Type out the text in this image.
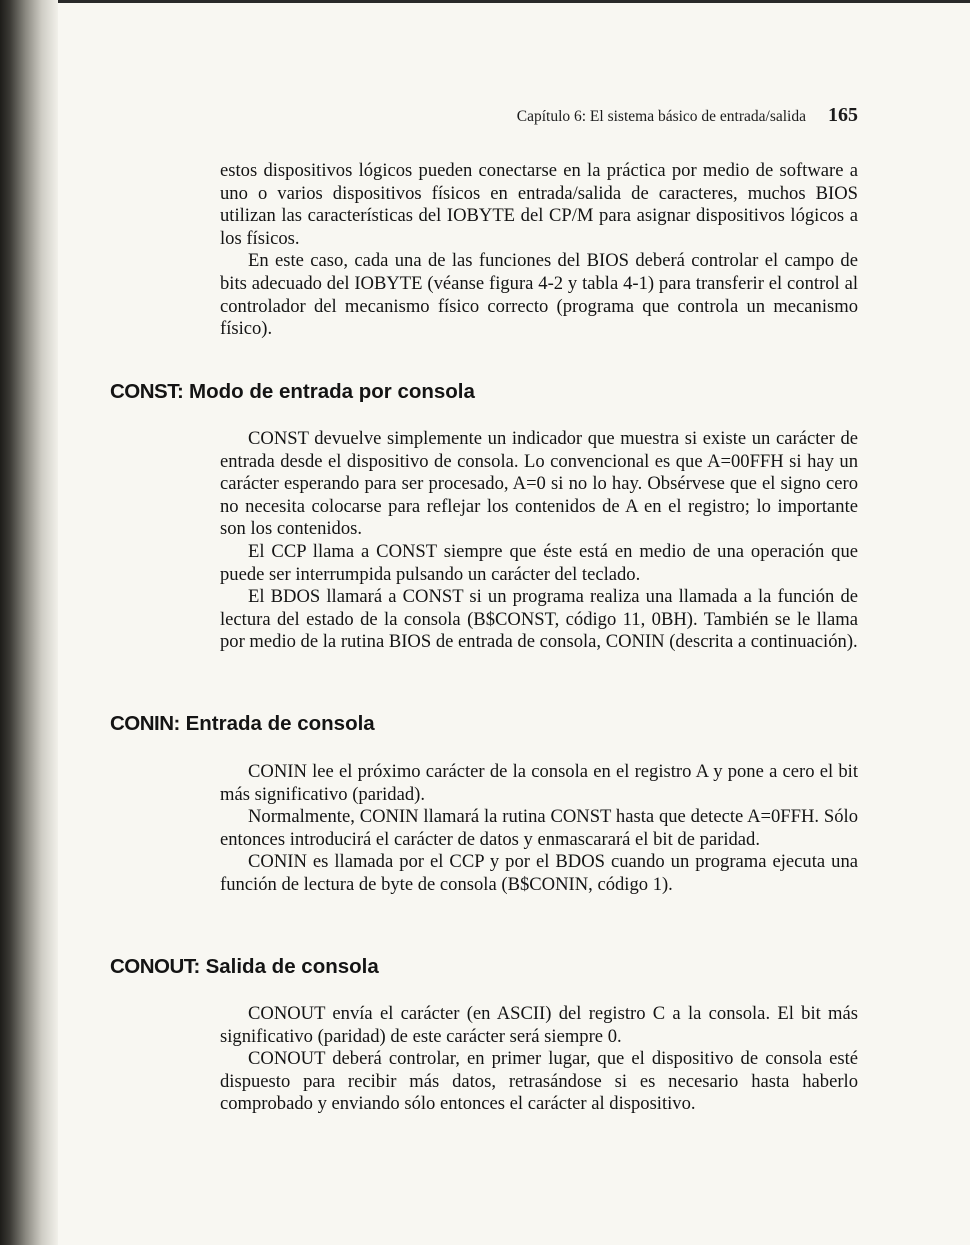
Capítulo 6: El sistema básico de entrada/salida 165

estos dispositivos lógicos pueden conectarse en la práctica por medio de software a uno o varios dispositivos físicos en entrada/salida de caracteres, muchos BIOS utilizan las características del IOBYTE del CP/M para asignar dispositivos lógicos a los físicos.

En este caso, cada una de las funciones del BIOS deberá controlar el campo de bits adecuado del IOBYTE (véanse figura 4-2 y tabla 4-1) para transferir el control al controlador del mecanismo físico correcto (programa que controla un mecanismo físico).

CONST: Modo de entrada por consola

CONST devuelve simplemente un indicador que muestra si existe un carácter de entrada desde el dispositivo de consola. Lo convencional es que A=00FFH si hay un carácter esperando para ser procesado, A=0 si no lo hay. Obsérvese que el signo cero no necesita colocarse para reflejar los contenidos de A en el registro; lo importante son los contenidos.

El CCP llama a CONST siempre que éste está en medio de una operación que puede ser interrumpida pulsando un carácter del teclado.

El BDOS llamará a CONST si un programa realiza una llamada a la función de lectura del estado de la consola (B$CONST, código 11, 0BH). También se le llama por medio de la rutina BIOS de entrada de consola, CONIN (descrita a continuación).

CONIN: Entrada de consola

CONIN lee el próximo carácter de la consola en el registro A y pone a cero el bit más significativo (paridad).

Normalmente, CONIN llamará la rutina CONST hasta que detecte A=0FFH. Sólo entonces introducirá el carácter de datos y enmascarará el bit de paridad.

CONIN es llamada por el CCP y por el BDOS cuando un programa ejecuta una función de lectura de byte de consola (B$CONIN, código 1).

CONOUT: Salida de consola

CONOUT envía el carácter (en ASCII) del registro C a la consola. El bit más significativo (paridad) de este carácter será siempre 0.

CONOUT deberá controlar, en primer lugar, que el dispositivo de consola esté dispuesto para recibir más datos, retrasándose si es necesario hasta haberlo comprobado y enviando sólo entonces el carácter al dispositivo.
